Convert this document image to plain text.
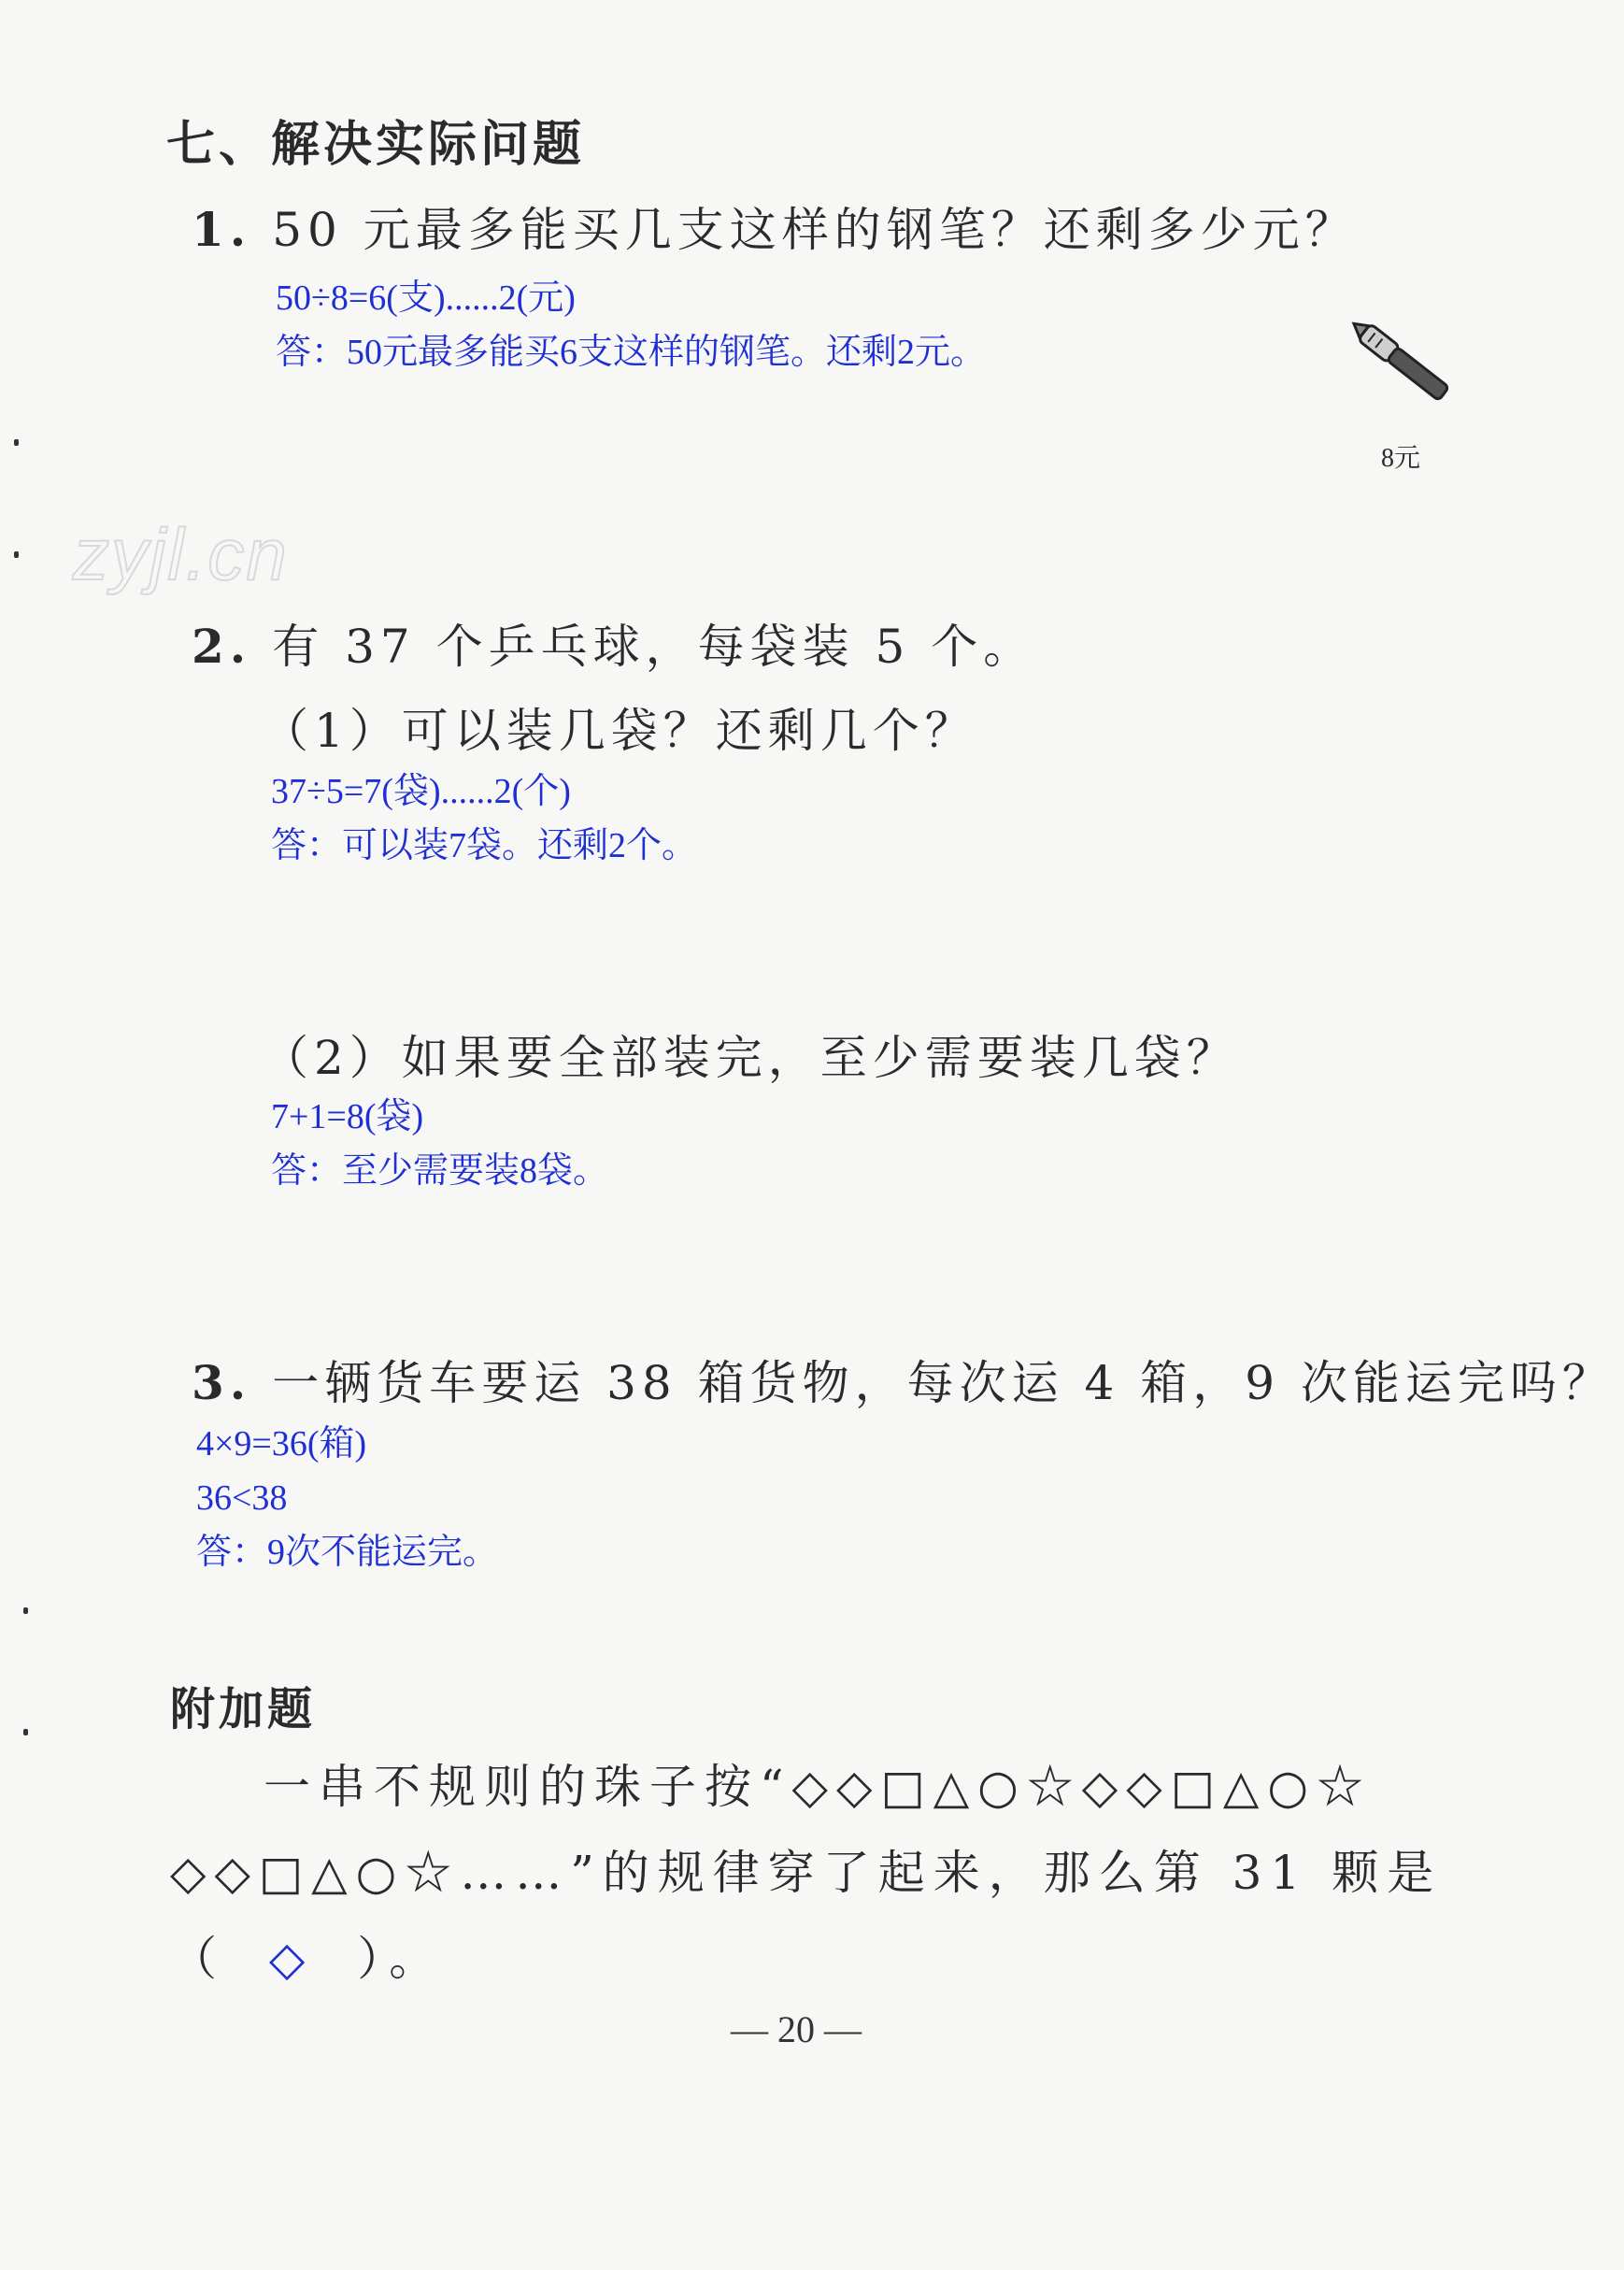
七、解决实际问题
1. 50 元最多能买几支这样的钢笔？还剩多少元？
50÷8=6(支)......2(元)
答：50元最多能买6支这样的钢笔。还剩2元。
8元
zyjl.cn
2. 有 37 个乒乓球，每袋装 5 个。
（1）可以装几袋？还剩几个？
37÷5=7(袋)......2(个)
答：可以装7袋。还剩2个。
（2）如果要全部装完，至少需要装几袋？
7+1=8(袋)
答：至少需要装8袋。
3. 一辆货车要运 38 箱货物，每次运 4 箱，9 次能运完吗？
4×9=36(箱)
36<38
答：9次不能运完。
附加题
一串不规则的珠子按“◇◇□△○☆◇◇□△○☆
◇◇□△○☆……”的规律穿了起来，那么第 31 颗是
（ ◇ ）。
— 20 —
